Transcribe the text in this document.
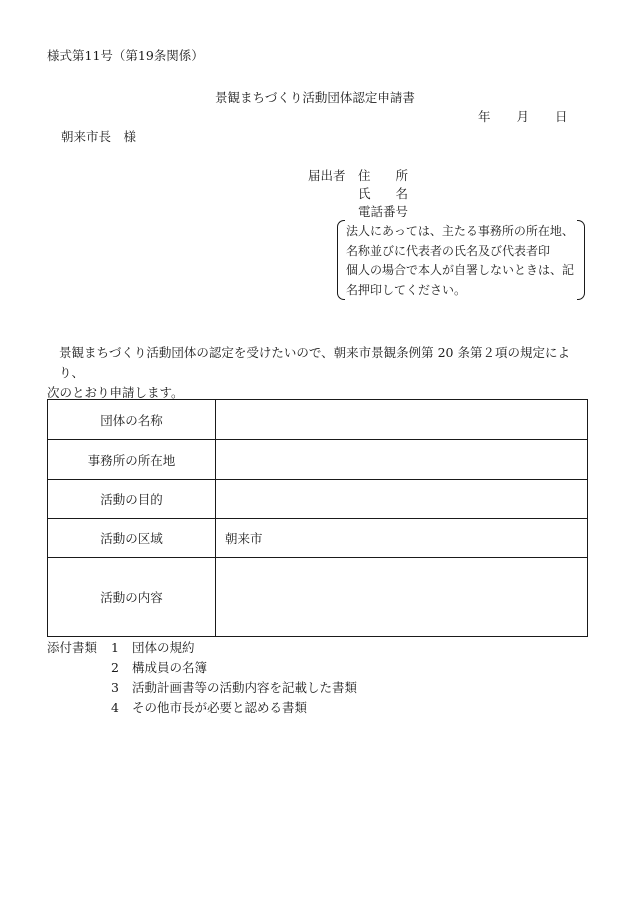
様式第11号（第19条関係）
景観まちづくり活動団体認定申請書
年 月 日
朝来市長　様
届出者 住所
氏名
電話番号
法人にあっては、主たる事務所の所在地、
名称並びに代表者の氏名及び代表者印
個人の場合で本人が自署しないときは、記
名押印してください。

景観まちづくり活動団体の認定を受けたいので、朝来市景観条例第 20 条第２項の規定により、

次のとおり申請します。

団体の名称	
事務所の所在地	
活動の目的	
活動の区域	朝来市
活動の内容	
添付書類 1 団体の規約
2 構成員の名簿
3 活動計画書等の活動内容を記載した書類
4 その他市長が必要と認める書類
